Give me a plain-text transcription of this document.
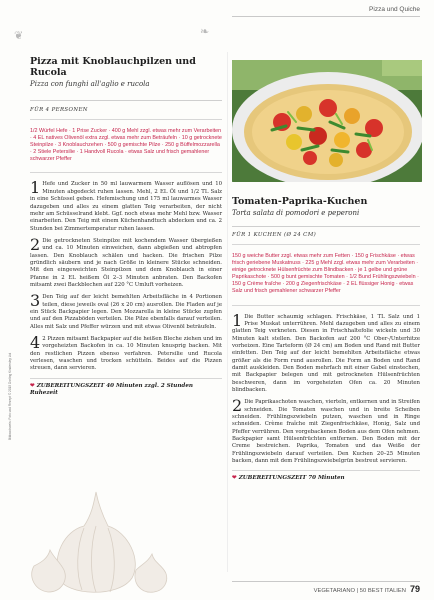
Pizza und Quiche
❦	❧
Pizza mit Knoblauchpilzen und Rucola
Pizza con funghi all'aglio e rucola
FÜR 4 PERSONEN
1/2 Würfel Hefe · 1 Prise Zucker · 400 g Mehl zzgl. etwas mehr zum Verarbeiten · 4 EL natives Olivenöl extra zzgl. etwas mehr zum Beträufeln · 10 g getrocknete Steinpilze · 3 Knoblauchzehen · 500 g gemischte Pilze · 250 g Büffelmozzarella · 2 Stiele Petersilie · 1 Handvoll Rucola · etwas Salz und frisch gemahlener schwarzer Pfeffer
1 Hefe und Zucker in 50 ml lauwarmem Wasser auflösen und 10 Minuten abgedeckt ruhen lassen. Mehl, 2 EL Öl und 1/2 TL Salz in eine Schüssel geben. Hefemischung und 175 ml lauwarmes Wasser dazugeben und alles zu einem glatten Teig verarbeiten, der nicht mehr am Schüsselrand klebt. Ggf. noch etwas mehr Mehl bzw. Wasser einarbeiten. Den Teig mit einem Küchenhandtuch abdecken und ca. 2 Stunden bei Zimmertemperatur ruhen lassen.
2 Die getrockneten Steinpilze mit kochendem Wasser übergießen und ca. 10 Minuten einweichen, dann abgießen und abtropfen lassen. Den Knoblauch schälen und hacken. Die frischen Pilze gründlich säubern und je nach Größe in kleinere Stücke schneiden. Mit den eingeweichten Steinpilzen und dem Knoblauch in einer Pfanne in 2 EL heißem Öl 2–3 Minuten anbraten. Den Backofen mitsamt zwei Backblechen auf 220 °C Umluft vorheizen.
3 Den Teig auf der leicht bemehlten Arbeitsfläche in 4 Portionen teilen, diese jeweils oval (26 x 20 cm) ausrollen. Die Fladen auf je ein Stück Backpapier legen. Den Mozzarella in kleine Stücke zupfen und auf den Pizzaböden verteilen. Die Pilze ebenfalls darauf verteilen. Alles mit Salz und Pfeffer würzen und mit etwas Olivenöl beträufeln.
4 2 Pizzen mitsamt Backpapier auf die heißen Bleche ziehen und im vorgeheizten Backofen in ca. 10 Minuten knusprig backen. Mit den restlichen Pizzen ebenso verfahren. Petersilie und Rucola verlesen, waschen und trocken schütteln. Beides auf die Pizzen streuen, dann servieren.
❤ ZUBEREITUNGSZEIT 40 Minuten zzgl. 2 Stunden Ruhezeit
Bildnachweis: Foto und Rezept © 2015 Dorling Kindersley Ltd
Tomaten-Paprika-Kuchen
Torta salata di pomodori e peperoni
FÜR 1 KUCHEN (Ø 24 CM)
150 g weiche Butter zzgl. etwas mehr zum Fetten · 150 g Frischkäse · etwas frisch geriebene Muskatnuss · 225 g Mehl zzgl. etwas mehr zum Verarbeiten · einige getrocknete Hülsenfrüchte zum Blindbacken · je 1 gelbe und grüne Paprikaschote · 500 g bunt gemischte Tomaten · 1/2 Bund Frühlingszwiebeln · 150 g Crème fraîche · 200 g Ziegenfrischkäse · 2 EL flüssiger Honig · etwas Salz und frisch gemahlener schwarzer Pfeffer
1 Die Butter schaumig schlagen. Frischkäse, 1 TL Salz und 1 Prise Muskat unterrühren. Mehl dazugeben und alles zu einem glatten Teig verkneten. Diesen in Frischhaltefolie wickeln und 30 Minuten kalt stellen. Den Backofen auf 200 °C Ober-/Unterhitze vorheizen. Eine Tarteform (Ø 24 cm) am Boden und Rand mit Butter einfetten. Den Teig auf der leicht bemehlten Arbeitsfläche etwas größer als die Form rund ausrollen. Die Form an Boden und Rand damit auskleiden. Den Boden mehrfach mit einer Gabel einstechen, mit Backpapier belegen und mit getrockneten Hülsenfrüchten beschweren, dann im vorgeheizten Ofen ca. 20 Minuten blindbacken.
2 Die Paprikaschoten waschen, vierteln, entkernen und in Streifen schneiden. Die Tomaten waschen und in breite Scheiben schneiden. Frühlingszwiebeln putzen, waschen und in Ringe schneiden. Crème fraîche mit Ziegenfrischkäse, Honig, Salz und Pfeffer verrühren. Den vorgebackenen Boden aus dem Ofen nehmen. Backpapier samt Hülsenfrüchten entfernen. Den Boden mit der Creme bestreichen. Paprika, Tomaten und das Weiße der Frühlingszwiebeln darauf verteilen. Den Kuchen 20–25 Minuten backen, dann mit dem Frühlingszwiebelgrün bestreut servieren.
❤ ZUBEREITUNGSZEIT 70 Minuten
VEGETARIANO | 50 BEST ITALIEN 79
